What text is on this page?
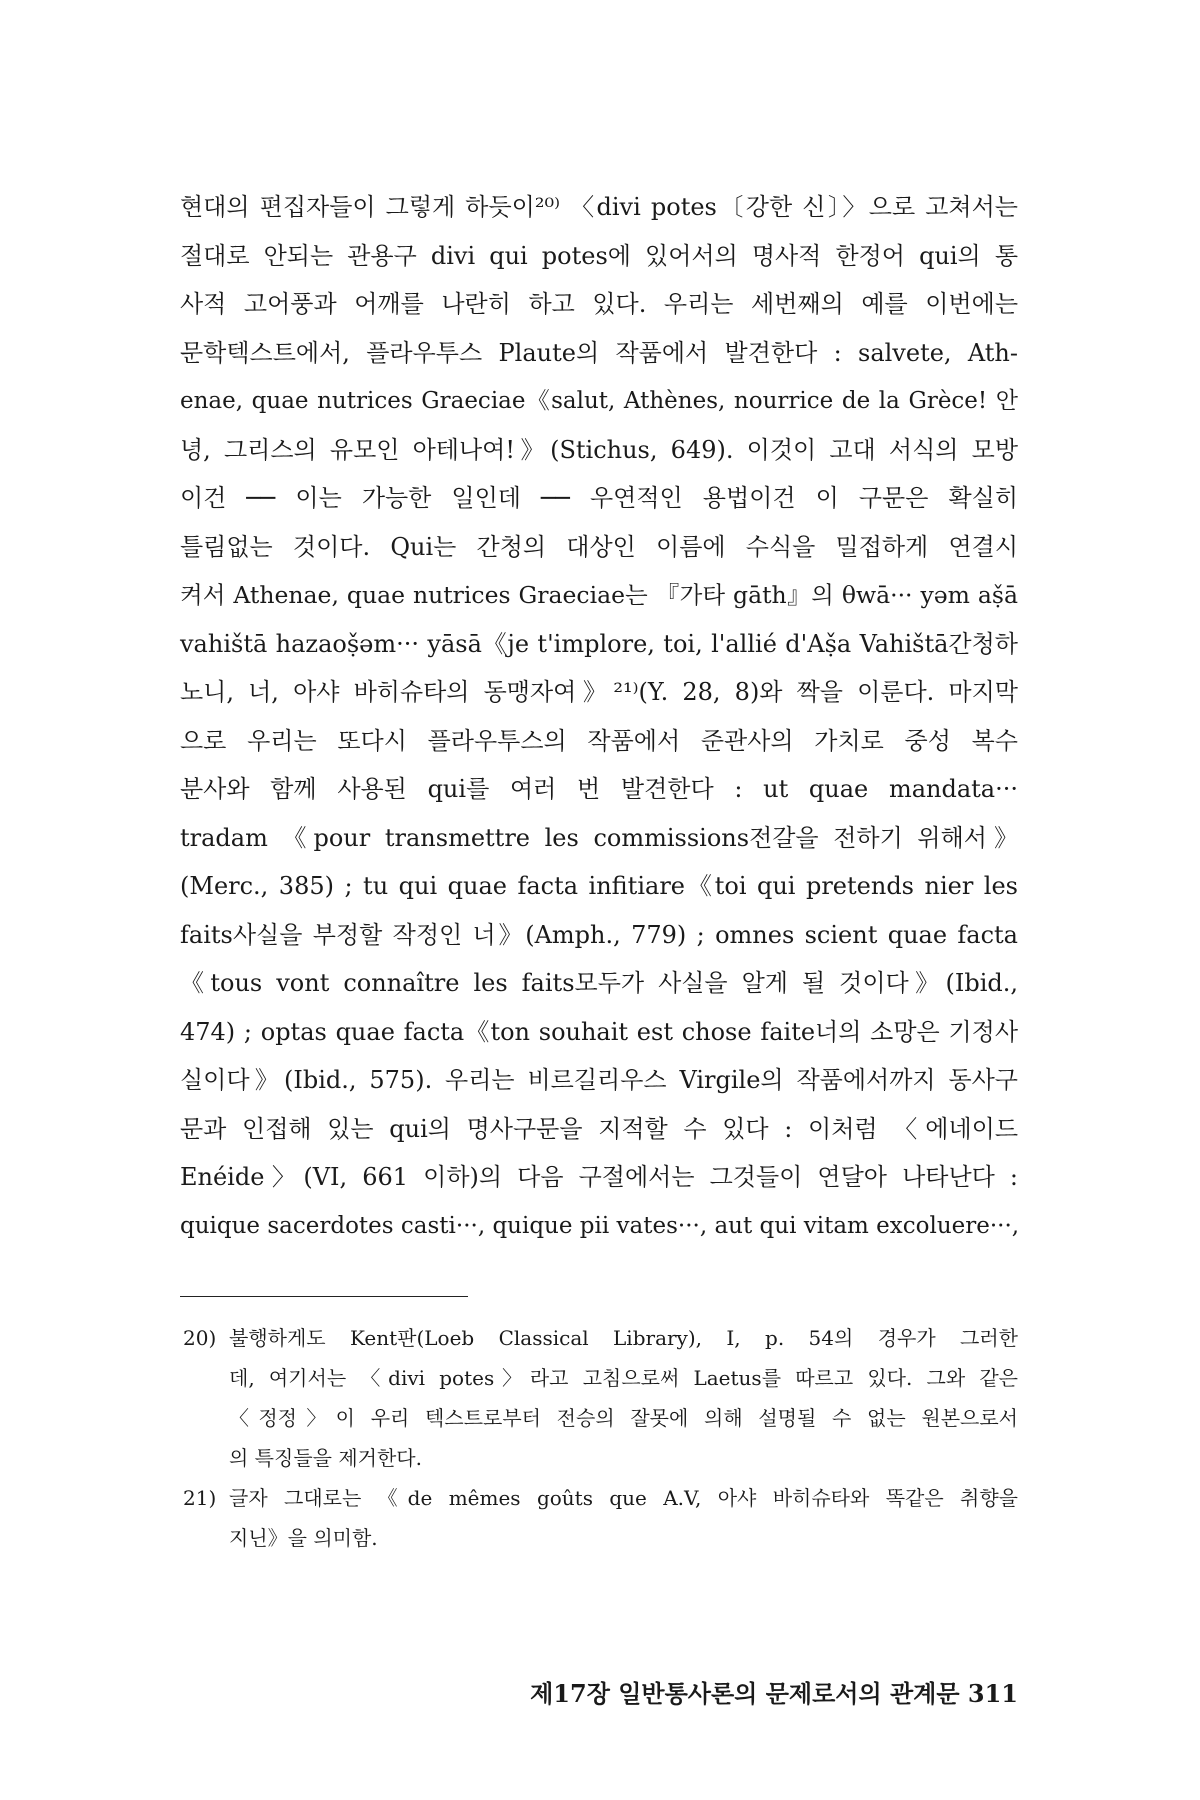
현대의 편집자들이 그렇게 하듯이²⁰⁾ 〈divi potes〔강한 신〕〉으로 고쳐서는
절대로 안되는 관용구 divi qui potes에 있어서의 명사적 한정어 qui의 통
사적 고어풍과 어깨를 나란히 하고 있다. 우리는 세번째의 예를 이번에는
문학텍스트에서, 플라우투스 Plaute의 작품에서 발견한다 : salvete, Ath-
enae, quae nutrices Graeciae《salut, Athènes, nourrice de la Grèce! 안
녕, 그리스의 유모인 아테나여!》(Stichus, 649). 이것이 고대 서식의 모방
이건 ── 이는 가능한 일인데 ── 우연적인 용법이건 이 구문은 확실히
틀림없는 것이다. Qui는 간청의 대상인 이름에 수식을 밀접하게 연결시
켜서 Athenae, quae nutrices Graeciae는 『가타 gāth』의 θwā··· yəm aṣ̌ā
vahištā hazaoṣ̌əm··· yāsā《je t'implore, toi, l'allié d'Aṣ̌a Vahištā간청하
노니, 너, 아샤 바히슈타의 동맹자여》²¹⁾(Y. 28, 8)와 짝을 이룬다. 마지막
으로 우리는 또다시 플라우투스의 작품에서 준관사의 가치로 중성 복수
분사와 함께 사용된 qui를 여러 번 발견한다 : ut quae mandata···
tradam 《pour transmettre les commissions전갈을 전하기 위해서》
(Merc., 385) ; tu qui quae facta infitiare《toi qui pretends nier les
faits사실을 부정할 작정인 너》(Amph., 779) ; omnes scient quae facta
《tous vont connaître les faits모두가 사실을 알게 될 것이다》(Ibid.,
474) ; optas quae facta《ton souhait est chose faite너의 소망은 기정사
실이다》(Ibid., 575). 우리는 비르길리우스 Virgile의 작품에서까지 동사구
문과 인접해 있는 qui의 명사구문을 지적할 수 있다 : 이처럼 〈에네이드
Enéide〉(VI, 661 이하)의 다음 구절에서는 그것들이 연달아 나타난다 :
quique sacerdotes casti···, quique pii vates···, aut qui vitam excoluere···,
20) 불행하게도 Kent판(Loeb Classical Library), I, p. 54의 경우가 그러한
데, 여기서는 〈divi potes〉라고 고침으로써 Laetus를 따르고 있다. 그와 같은
〈정정〉이 우리 텍스트로부터 전승의 잘못에 의해 설명될 수 없는 원본으로서
의 특징들을 제거한다.
21) 글자 그대로는 《de mêmes goûts que A.V, 아샤 바히슈타와 똑같은 취향을
지닌》을 의미함.
제17장 일반통사론의 문제로서의 관계문 311
